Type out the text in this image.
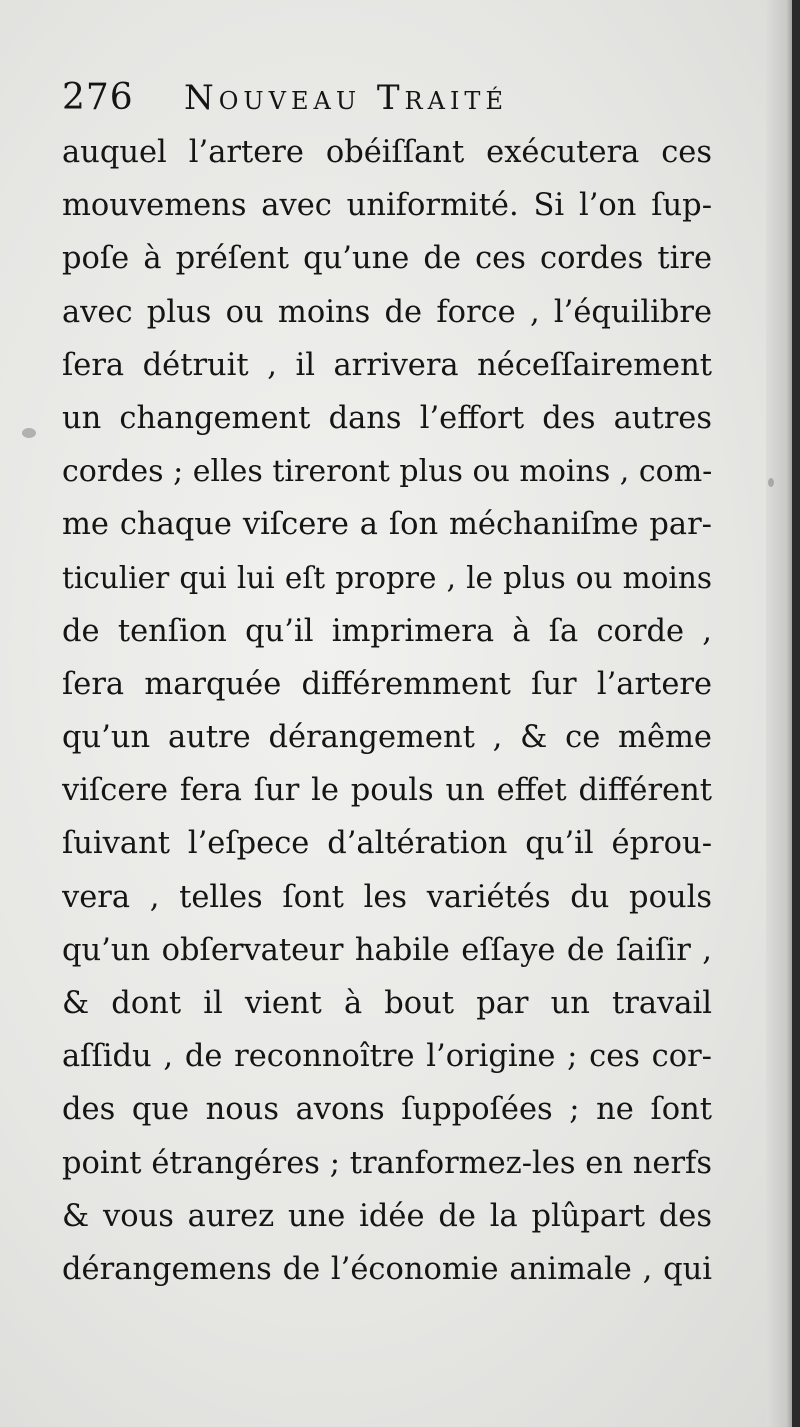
276 Nouveau Traité
auquel l’artere obéiſſant exécutera ces
mouvemens avec uniformité. Si l’on ſup-
poſe à préſent qu’une de ces cordes tire
avec plus ou moins de force , l’équilibre
ſera détruit , il arrivera néceſſairement
un changement dans l’effort des autres
cordes ; elles tireront plus ou moins , com-
me chaque viſcere a ſon méchaniſme par-
ticulier qui lui eſt propre , le plus ou moins
de tenſion qu’il imprimera à ſa corde ,
ſera marquée différemment ſur l’artere
qu’un autre dérangement , & ce même
viſcere fera ſur le pouls un effet différent
ſuivant l’eſpece d’altération qu’il éprou-
vera , telles ſont les variétés du pouls
qu’un obſervateur habile eſſaye de ſaiſir ,
& dont il vient à bout par un travail
aſſidu , de reconnoître l’origine ; ces cor-
des que nous avons ſuppoſées ; ne ſont
point étrangéres ; tranformez-les en nerfs
& vous aurez une idée de la plûpart des
dérangemens de l’économie animale , qui
